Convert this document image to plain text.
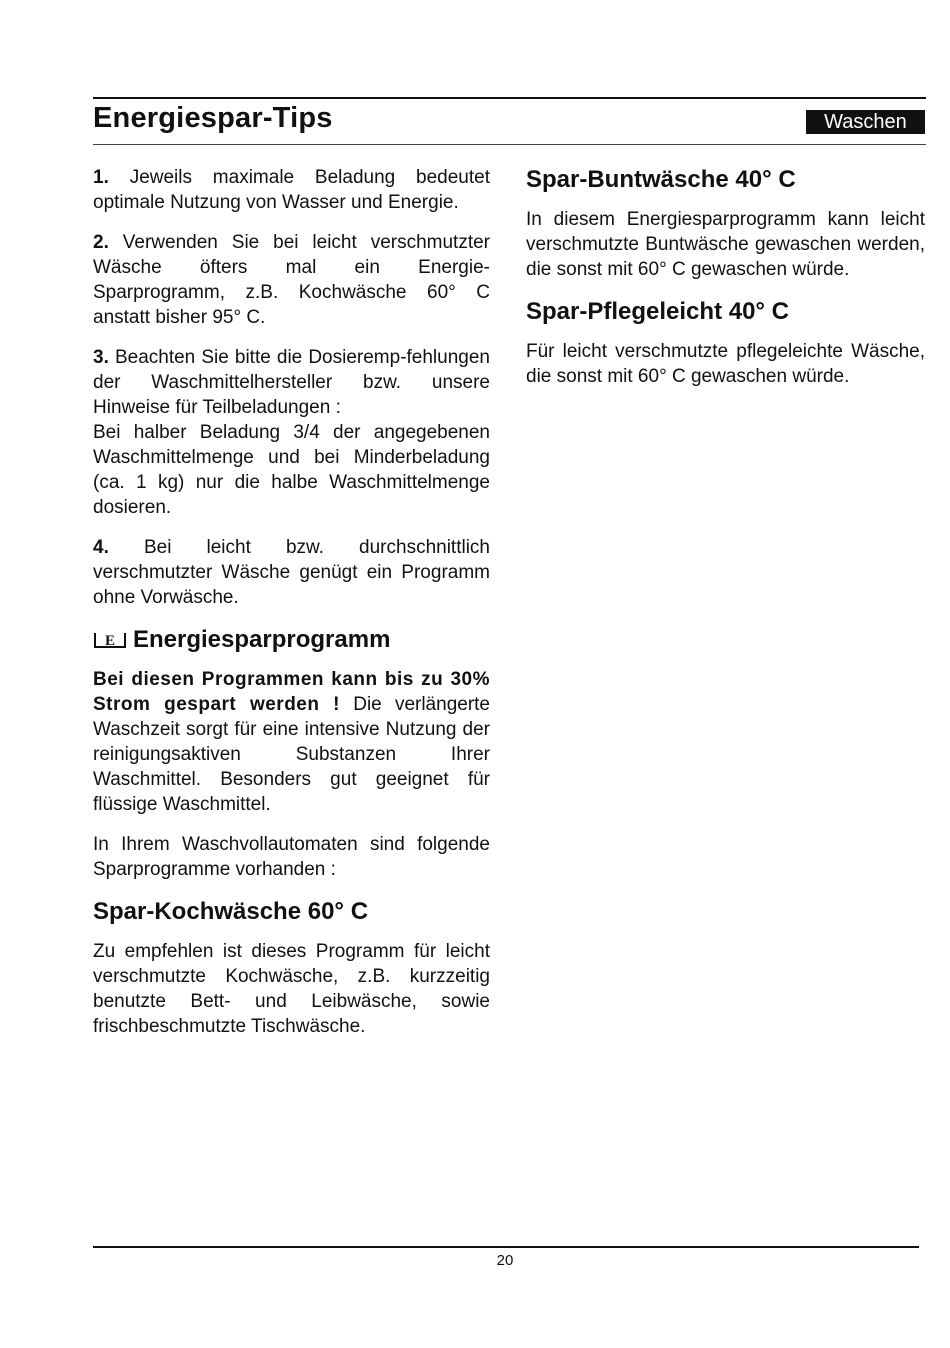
Energiespar-Tips	Waschen

1. Jeweils maximale Beladung bedeutet optimale Nutzung von Wasser und Energie.

2. Verwenden Sie bei leicht verschmutzter Wäsche öfters mal ein Energie-Sparprogramm, z.B. Kochwäsche 60° C anstatt bisher 95° C.

3. Beachten Sie bitte die Dosieremp-fehlungen der Waschmittelhersteller bzw. unsere Hinweise für Teilbeladungen :

Bei halber Beladung 3/4 der angegebenen Waschmittelmenge und bei Minderbeladung (ca. 1 kg) nur die halbe Waschmittelmenge dosieren.

4. Bei leicht bzw. durchschnittlich verschmutzter Wäsche genügt ein Programm ohne Vorwäsche.

E Energiesparprogramm

Bei diesen Programmen kann bis zu 30% Strom gespart werden ! Die verlängerte Waschzeit sorgt für eine intensive Nutzung der reinigungsaktiven Substanzen Ihrer Waschmittel. Besonders gut geeignet für flüssige Waschmittel.

In Ihrem Waschvollautomaten sind folgende Sparprogramme vorhanden :

Spar-Kochwäsche 60° C

Zu empfehlen ist dieses Programm für leicht verschmutzte Kochwäsche, z.B. kurzzeitig benutzte Bett- und Leibwäsche, sowie frischbeschmutzte Tischwäsche.

Spar-Buntwäsche 40° C

In diesem Energiesparprogramm kann leicht verschmutzte Buntwäsche gewaschen werden, die sonst mit 60° C gewaschen würde.

Spar-Pflegeleicht 40° C

Für leicht verschmutzte pflegeleichte Wäsche, die sonst mit 60° C gewaschen würde.

20
